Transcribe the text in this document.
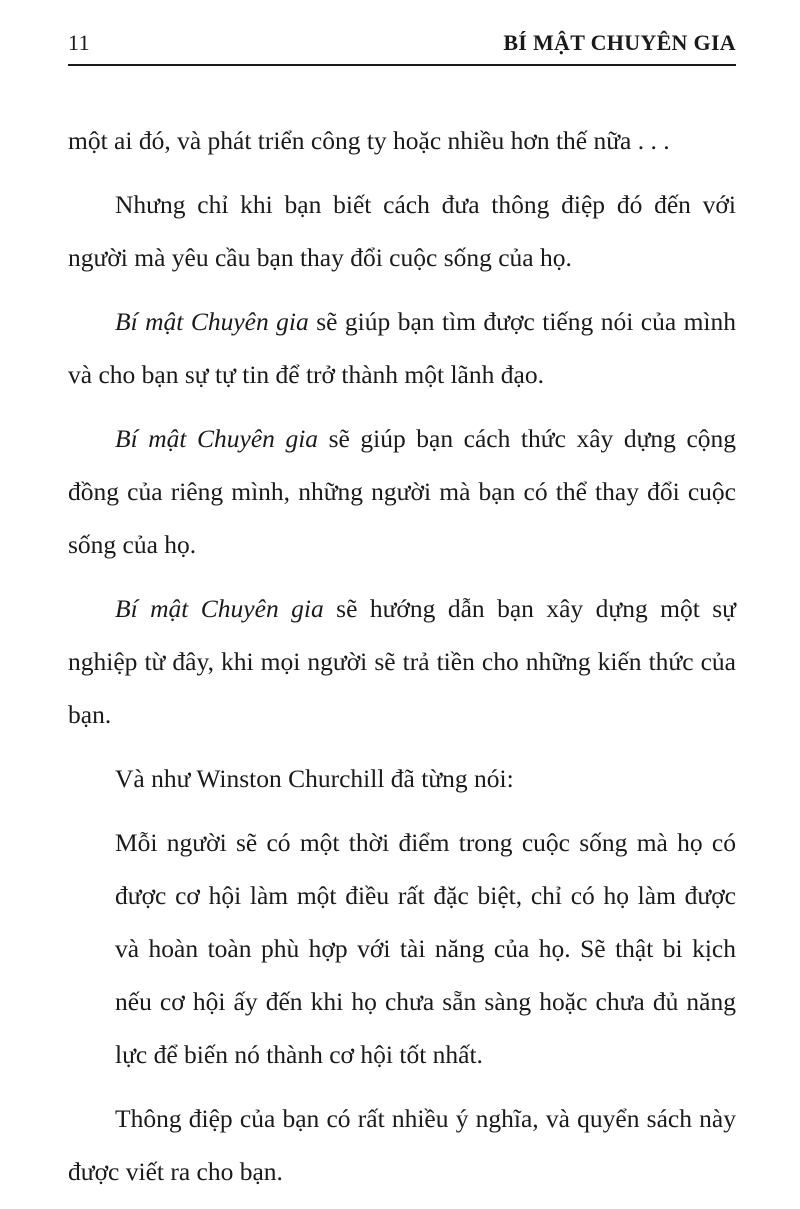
11	BÍ MẬT CHUYÊN GIA

một ai đó, và phát triển công ty hoặc nhiều hơn thế nữa . . .

Nhưng chỉ khi bạn biết cách đưa thông điệp đó đến với người mà yêu cầu bạn thay đổi cuộc sống của họ.

Bí mật Chuyên gia sẽ giúp bạn tìm được tiếng nói của mình và cho bạn sự tự tin để trở thành một lãnh đạo.

Bí mật Chuyên gia sẽ giúp bạn cách thức xây dựng cộng đồng của riêng mình, những người mà bạn có thể thay đổi cuộc sống của họ.

Bí mật Chuyên gia sẽ hướng dẫn bạn xây dựng một sự nghiệp từ đây, khi mọi người sẽ trả tiền cho những kiến thức của bạn.

Và như Winston Churchill đã từng nói:

Mỗi người sẽ có một thời điểm trong cuộc sống mà họ có được cơ hội làm một điều rất đặc biệt, chỉ có họ làm được và hoàn toàn phù hợp với tài năng của họ. Sẽ thật bi kịch nếu cơ hội ấy đến khi họ chưa sẵn sàng hoặc chưa đủ năng lực để biến nó thành cơ hội tốt nhất.

Thông điệp của bạn có rất nhiều ý nghĩa, và quyển sách này được viết ra cho bạn.
